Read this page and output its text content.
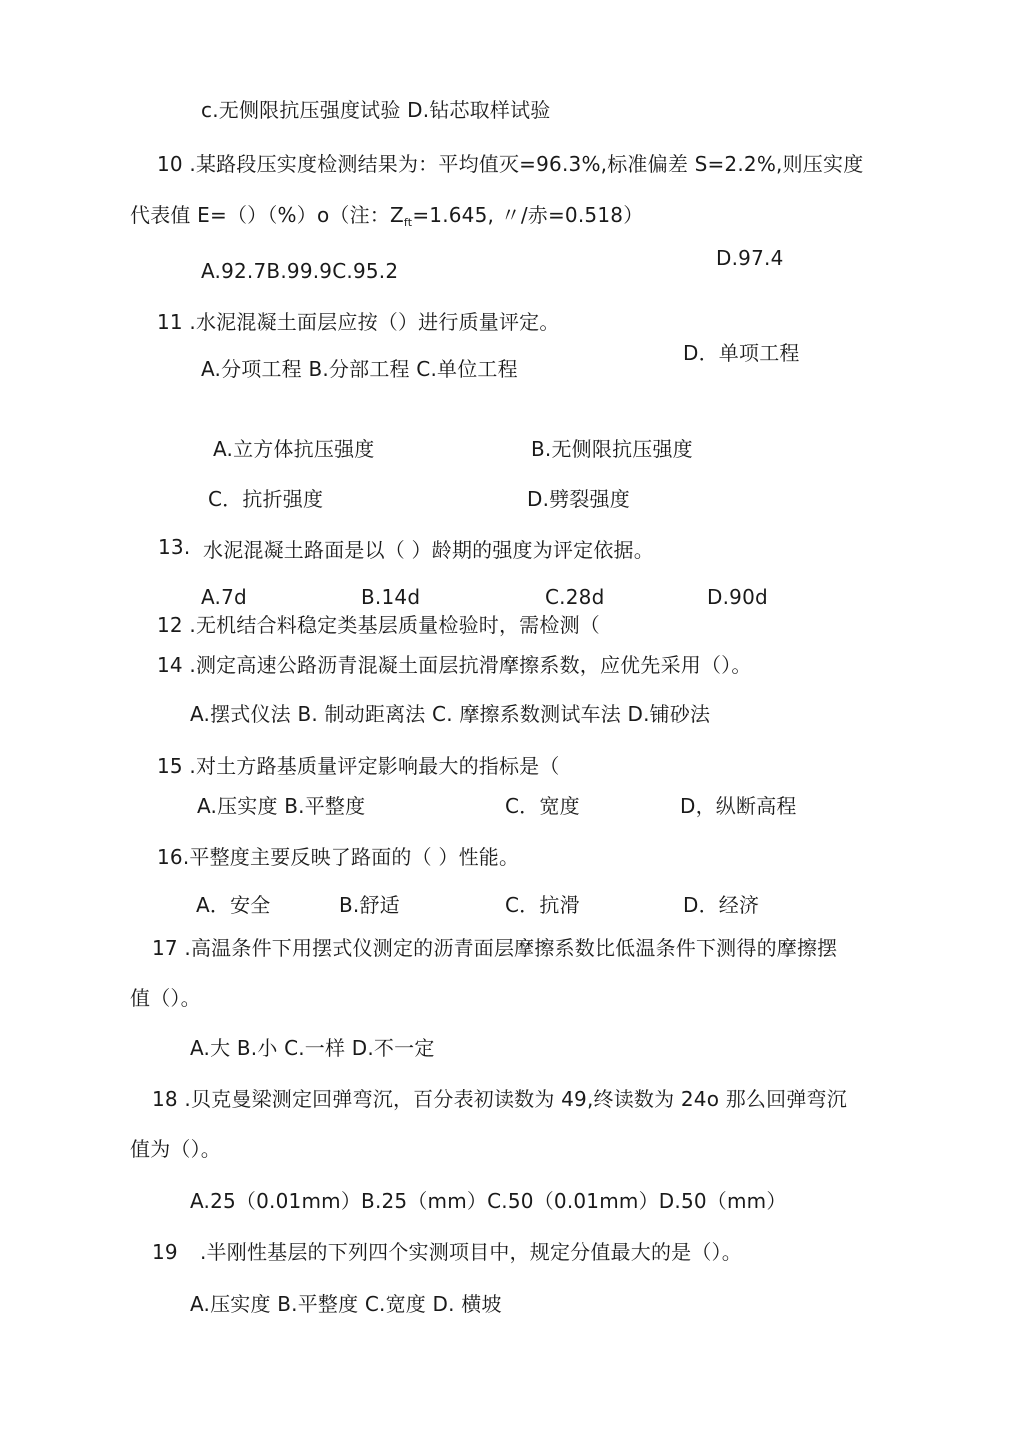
c.无侧限抗压强度试验 D.钻芯取样试验
10 .某路段压实度检测结果为：平均值灭=96.3%,标准偏差 S=2.2%,则压实度
代表值 E=（）（%）o（注：$Z_{ft}=1.645$, 〃/赤=0.518）
A.92.7B.99.9C.95.2
D.97.4
11 .水泥混凝土面层应按（）进行质量评定。
A.分项工程 B.分部工程 C.单位工程
D．单项工程
A.立方体抗压强度	B.无侧限抗压强度
C．抗折强度	D.劈裂强度
13. 水泥混凝土路面是以（ ）龄期的强度为评定依据。
A.7d	B.14d	C.28d	D.90d
12 .无机结合料稳定类基层质量检验时，需检测（
14 .测定高速公路沥青混凝土面层抗滑摩擦系数，应优先采用（）。
A.摆式仪法 B. 制动距离法 C. 摩擦系数测试车法 D.铺砂法
15 .对土方路基质量评定影响最大的指标是（
A.压实度 B.平整度	C．宽度	D，纵断高程
16.平整度主要反映了路面的（ ）性能。
A．安全	B.舒适	C．抗滑	D．经济
17 .高温条件下用摆式仪测定的沥青面层摩擦系数比低温条件下测得的摩擦摆
值（）。
A.大 B.小 C.一样 D.不一定
18 .贝克曼梁测定回弹弯沉，百分表初读数为 49,终读数为 24o 那么回弹弯沉
值为（）。
A.25（0.01mm）B.25（mm）C.50（0.01mm）D.50（mm）
19 .半刚性基层的下列四个实测项目中，规定分值最大的是（）。
A.压实度 B.平整度 C.宽度 D. 横坡
